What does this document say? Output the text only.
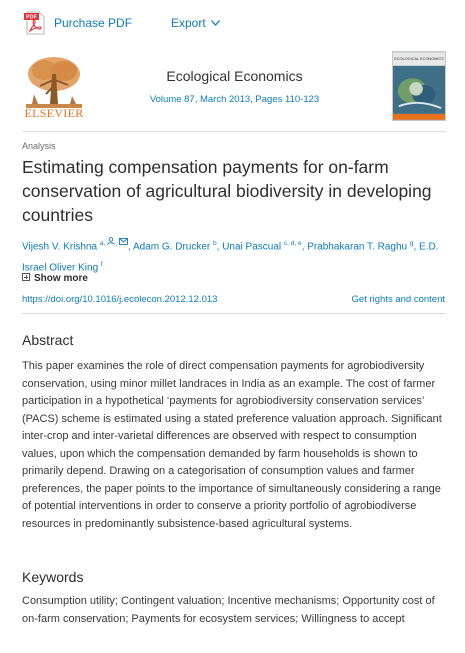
PDF Purchase PDF	Export
ELSEVIER
Ecological Economics
Volume 87, March 2013, Pages 110-123
ECOLOGICAL ECONOMICS
Analysis
Estimating compensation payments for on-farm conservation of agricultural biodiversity in developing countries
Vijesh V. Krishna $^{a,}$ , , Adam G. Drucker $^b$, Unai Pascual $^{c, d, e}$, Prabhakaran T. Raghu $^g$, E.D. Israel Oliver King $^f$
Show more
https://doi.org/10.1016/j.ecolecon.2012.12.013	Get rights and content
Abstract

This paper examines the role of direct compensation payments for agrobiodiversity conservation, using minor millet landraces in India as an example. The cost of farmer participation in a hypothetical ‘payments for agrobiodiversity conservation services’ (PACS) scheme is estimated using a stated preference valuation approach. Significant inter-crop and inter-varietal differences are observed with respect to consumption values, upon which the compensation demanded by farm households is shown to primarily depend. Drawing on a categorisation of consumption values and farmer preferences, the paper points to the importance of simultaneously considering a range of potential interventions in order to conserve a priority portfolio of agrobiodiverse resources in predominantly subsistence-based agricultural systems.

Keywords

Consumption utility; Contingent valuation; Incentive mechanisms; Opportunity cost of on-farm conservation; Payments for ecosystem services; Willingness to accept
